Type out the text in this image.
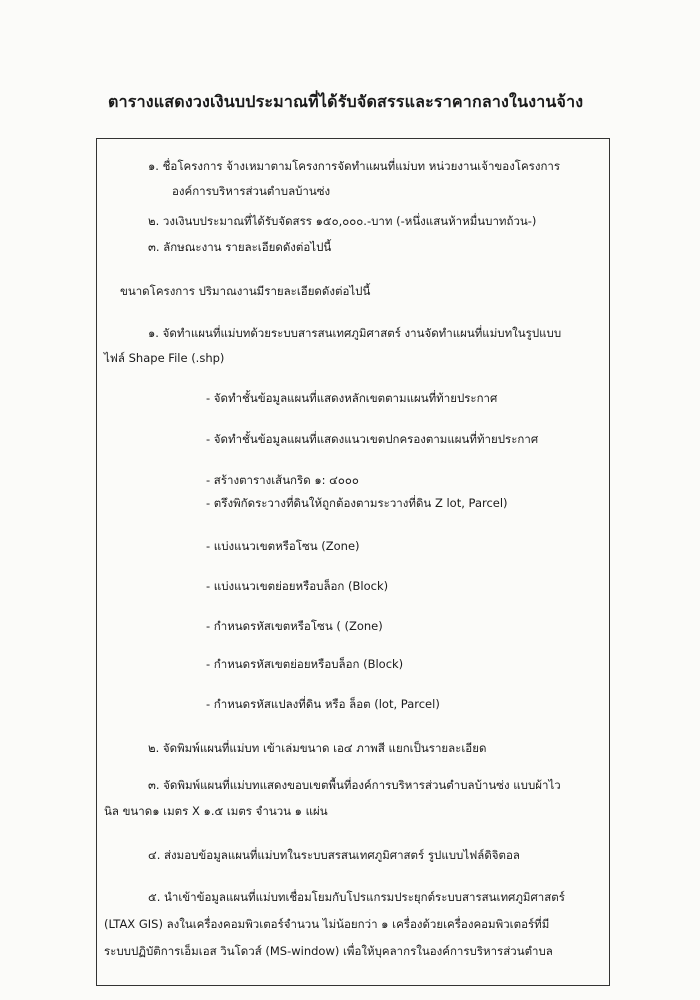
ตารางแสดงวงเงินบประมาณที่ได้รับจัดสรรและราคากลางในงานจ้าง
๑. ชื่อโครงการ จ้างเหมาตามโครงการจัดทำแผนที่แม่บท หน่วยงานเจ้าของโครงการ
องค์การบริหารส่วนตำบลบ้านซ่ง
๒. วงเงินบประมาณที่ได้รับจัดสรร ๑๕๐,๐๐๐.-บาท (-หนึ่งแสนห้าหมื่นบาทถ้วน-)
๓. ลักษณะงาน รายละเอียดดังต่อไปนี้
ขนาดโครงการ ปริมาณงานมีรายละเอียดดังต่อไปนี้
๑. จัดทำแผนที่แม่บทด้วยระบบสารสนเทศภูมิศาสตร์ งานจัดทำแผนที่แม่บทในรูปแบบ
ไฟล์ Shape File (.shp)
- จัดทำชั้นข้อมูลแผนที่แสดงหลักเขตตามแผนที่ท้ายประกาศ
- จัดทำชั้นข้อมูลแผนที่แสดงแนวเขตปกครองตามแผนที่ท้ายประกาศ
- สร้างตารางเส้นกริด ๑: ๔๐๐๐
- ตรึงพิกัดระวางที่ดินให้ถูกต้องตามระวางที่ดิน Z lot, Parcel)
- แบ่งแนวเขตหรือโซน (Zone)
- แบ่งแนวเขตย่อยหรือบล็อก (Block)
- กำหนดรหัสเขตหรือโซน ( (Zone)
- กำหนดรหัสเขตย่อยหรือบล็อก (Block)
- กำหนดรหัสแปลงที่ดิน หรือ ล็อต (lot, Parcel)
๒. จัดพิมพ์แผนที่แม่บท เข้าเล่มขนาด เอ๔ ภาพสี แยกเป็นรายละเอียด
๓. จัดพิมพ์แผนที่แม่บทแสดงขอบเขตพื้นที่องค์การบริหารส่วนตำบลบ้านซ่ง แบบผ้าไว
นิล ขนาด๑ เมตร X ๑.๕ เมตร จำนวน ๑ แผ่น
๔. ส่งมอบข้อมูลแผนที่แม่บทในระบบสรสนเทศภูมิศาสตร์ รูปแบบไฟล์ดิจิตอล
๕. นำเข้าข้อมูลแผนที่แม่บทเชื่อมโยมกับโปรแกรมประยุกต์ระบบสารสนเทศภูมิศาสตร์
(LTAX GIS) ลงในเครื่องคอมพิวเตอร์จำนวน ไม่น้อยกว่า ๑ เครื่องด้วยเครื่องคอมพิวเตอร์ที่มี
ระบบปฏิบัติการเอ็มเอส วินโดวส์ (MS-window) เพื่อให้บุคลากรในองค์การบริหารส่วนตำบล
